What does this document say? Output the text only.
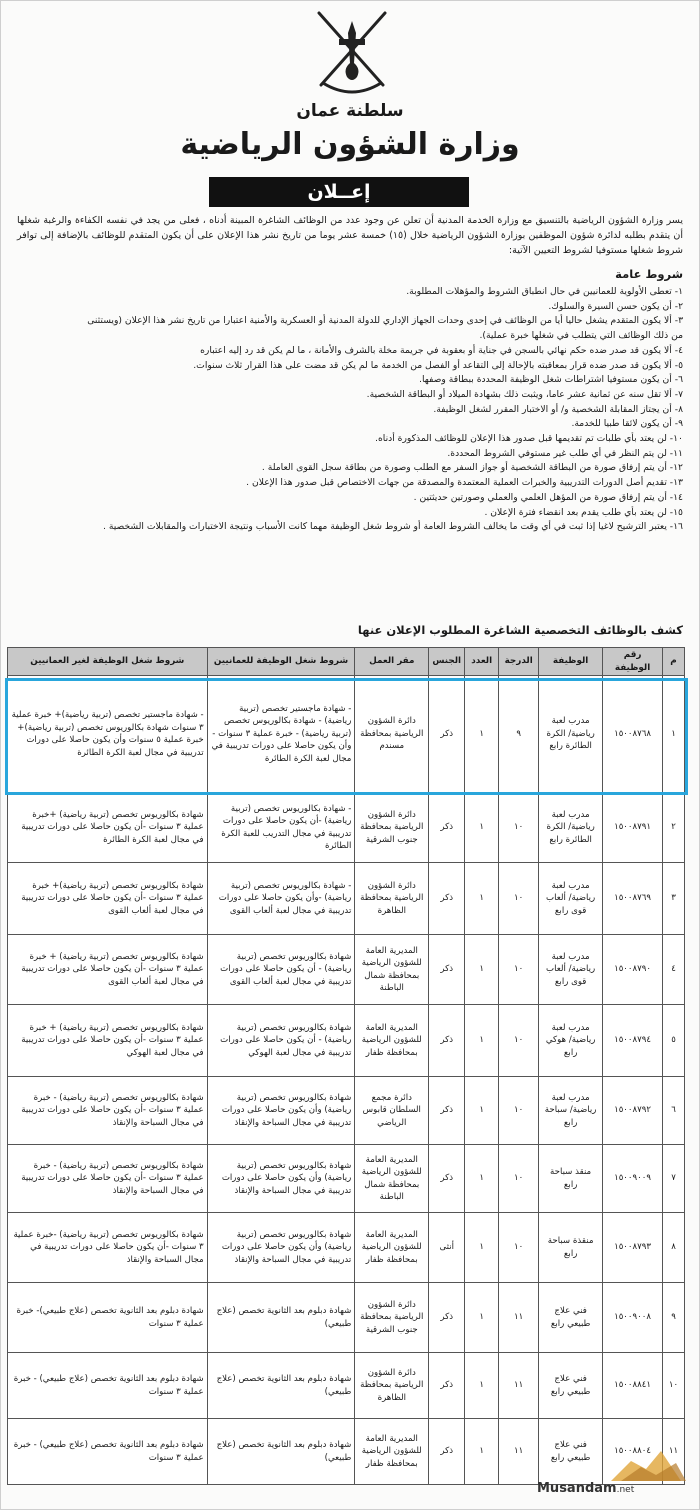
سلطنة عمان
وزارة الشؤون الرياضية
إعــلان

يسر وزارة الشؤون الرياضية بالتنسيق مع وزارة الخدمة المدنية أن تعلن عن وجود عدد من الوظائف الشاغرة المبينة أدناه ، فعلى من يجد في نفسه الكفاءة والرغبة شغلها أن يتقدم بطلبه لدائرة شؤون الموظفين بوزارة الشؤون الرياضية خلال (١٥) خمسة عشر يوما من تاريخ نشر هذا الإعلان على أن يكون المتقدم للوظائف بالإضافة إلى توافر شروط شغلها مستوفيا لشروط التعيين الآتية:

شروط عامة
١- تعطى الأولوية للعمانيين في حال انطباق الشروط والمؤهلات المطلوبة.
٢- أن يكون حسن السيرة والسلوك.
٣- ألا يكون المتقدم يشغل حاليا أيا من الوظائف في إحدى وحدات الجهاز الإداري للدولة المدنية أو العسكرية والأمنية اعتبارا من تاريخ نشر هذا الإعلان (ويستثنى
من ذلك الوظائف التي يتطلب في شغلها خبرة عملية).
٤- ألا يكون قد صدر ضده حكم نهائي بالسجن في جناية أو بعقوبة في جريمة مخلة بالشرف والأمانة ، ما لم يكن قد رد إليه اعتباره
٥- ألا يكون قد صدر ضده قرار بمعاقبته بالإحالة إلى التقاعد أو الفصل من الخدمة ما لم يكن قد مضت على هذا القرار ثلاث سنوات.
٦- أن يكون مستوفيا اشتراطات شغل الوظيفة المحددة ببطاقة وصفها.
٧- ألا تقل سنه عن ثمانية عشر عاما، ويثبت ذلك بشهادة الميلاد أو البطاقة الشخصية.
٨- أن يجتاز المقابلة الشخصية و/ أو الاختبار المقرر لشغل الوظيفة.
٩- أن يكون لائقا طبيا للخدمة.
١٠- لن يعتد بأي طلبات تم تقديمها قبل صدور هذا الإعلان للوظائف المذكورة أدناه.
١١- لن يتم النظر في أي طلب غير مستوفي الشروط المحددة.
١٢- أن يتم إرفاق صورة من البطاقة الشخصية أو جواز السفر مع الطلب وصورة من بطاقة سجل القوى العاملة .
١٣- تقديم أصل الدورات التدريبية والخبرات العملية المعتمدة والمصدقة من جهات الاختصاص قبل صدور هذا الإعلان .
١٤- أن يتم إرفاق صورة من المؤهل العلمي والعملي وصورتين حديثتين .
١٥- لن يعتد بأي طلب يقدم بعد انقضاء فترة الإعلان .
١٦- يعتبر الترشيح لاغيا إذا ثبت في أي وقت ما يخالف الشروط العامة أو شروط شغل الوظيفة مهما كانت الأسباب ونتيجة الاختبارات والمقابلات الشخصية .
كشف بالوظائف التخصصية الشاغرة المطلوب الإعلان عنها
م	رقم الوظيفة	الوظيفة	الدرجة	العدد	الجنس	مقر العمل	شروط شغل الوظيفة للعمانيين	شروط شغل الوظيفة لغير العمانيين
١	١٥٠٠٨٧٦٨	مدرب لعبة رياضية/ الكرة الطائرة رابع	٩	١	ذكر	دائرة الشؤون الرياضية بمحافظة مسندم	- شهادة ماجستير تخصص (تربية رياضية) - شهادة بكالوريوس تخصص (تربية رياضية) - خبرة عملية ٣ سنوات - وأن يكون حاصلا على دورات تدريبية في مجال لعبة الكرة الطائرة	- شهادة ماجستير تخصص (تربية رياضية)+ خبرة عملية ٣ سنوات شهادة بكالوريوس تخصص (تربية رياضية)+ خبرة عملية ٥ سنوات وأن يكون حاصلا على دورات تدريبية في مجال لعبة الكرة الطائرة
٢	١٥٠٠٨٧٩١	مدرب لعبة رياضية/ الكرة الطائرة رابع	١٠	١	ذكر	دائرة الشؤون الرياضية بمحافظة جنوب الشرقية	- شهادة بكالوريوس تخصص (تربية رياضية) -أن يكون حاصلا على دورات تدريبية في مجال التدريب للعبة الكرة الطائرة	شهادة بكالوريوس تخصص (تربية رياضية) +خبرة عملية ٣ سنوات -أن يكون حاصلا على دورات تدريبية في مجال لعبة الكرة الطائرة
٣	١٥٠٠٨٧٦٩	مدرب لعبة رياضية/ ألعاب قوى رابع	١٠	١	ذكر	دائرة الشؤون الرياضية بمحافظة الظاهرة	- شهادة بكالوريوس تخصص (تربية رياضية) -وأن يكون حاصلا على دورات تدريبية في مجال لعبة ألعاب القوى	شهادة بكالوريوس تخصص (تربية رياضية)+ خبرة عملية ٣ سنوات -أن يكون حاصلا على دورات تدريبية في مجال لعبة ألعاب القوى
٤	١٥٠٠٨٧٩٠	مدرب لعبة رياضية/ ألعاب قوى رابع	١٠	١	ذكر	المديرية العامة للشؤون الرياضية بمحافظة شمال الباطنة	شهادة بكالوريوس تخصص (تربية رياضية) - أن يكون حاصلا على دورات تدريبية في مجال لعبة ألعاب القوى	شهادة بكالوريوس تخصص (تربية رياضية) + خبرة عملية ٣ سنوات -أن يكون حاصلا على دورات تدريبية في مجال لعبة ألعاب القوى
٥	١٥٠٠٨٧٩٤	مدرب لعبة رياضية/ هوكي رابع	١٠	١	ذكر	المديرية العامة للشؤون الرياضية بمحافظة ظفار	شهادة بكالوريوس تخصص (تربية رياضية) - أن يكون حاصلا على دورات تدريبية في مجال لعبة الهوكي	شهادة بكالوريوس تخصص (تربية رياضية) + خبرة عملية ٣ سنوات -أن يكون حاصلا على دورات تدريبية في مجال لعبة الهوكي
٦	١٥٠٠٨٧٩٢	مدرب لعبة رياضية/ سباحة رابع	١٠	١	ذكر	دائرة مجمع السلطان قابوس الرياضي	شهادة بكالوريوس تخصص (تربية رياضية) وأن يكون حاصلا على دورات تدريبية في مجال السباحة والإنقاذ	شهادة بكالوريوس تخصص (تربية رياضية) - خبرة عملية ٣ سنوات -أن يكون حاصلا على دورات تدريبية في مجال السباحة والإنقاذ
٧	١٥٠٠٩٠٠٩	منقذ سباحة رابع	١٠	١	ذكر	المديرية العامة للشؤون الرياضية بمحافظة شمال الباطنة	شهادة بكالوريوس تخصص (تربية رياضية) وأن يكون حاصلا على دورات تدريبية في مجال السباحة والإنقاذ	شهادة بكالوريوس تخصص (تربية رياضية) - خبرة عملية ٣ سنوات -أن يكون حاصلا على دورات تدريبية في مجال السباحة والإنقاذ
٨	١٥٠٠٨٧٩٣	منقذة سباحة رابع	١٠	١	أنثى	المديرية العامة للشؤون الرياضية بمحافظة ظفار	شهادة بكالوريوس تخصص (تربية رياضية) وأن يكون حاصلا على دورات تدريبية في مجال السباحة والإنقاذ	شهادة بكالوريوس تخصص (تربية رياضية) -خبرة عملية ٣ سنوات -أن يكون حاصلا على دورات تدريبية في مجال السباحة والإنقاذ
٩	١٥٠٠٩٠٠٨	فني علاج طبيعي رابع	١١	١	ذكر	دائرة الشؤون الرياضية بمحافظة جنوب الشرقية	شهادة دبلوم بعد الثانوية تخصص (علاج طبيعي)	شهادة دبلوم بعد الثانوية تخصص (علاج طبيعي)- خبرة عملية ٣ سنوات
١٠	١٥٠٠٨٨٤١	فني علاج طبيعي رابع	١١	١	ذكر	دائرة الشؤون الرياضية بمحافظة الظاهرة	شهادة دبلوم بعد الثانوية تخصص (علاج طبيعي)	شهادة دبلوم بعد الثانوية تخصص (علاج طبيعي) - خبرة عملية ٣ سنوات
١١	١٥٠٠٨٨٠٤	فني علاج طبيعي رابع	١١	١	ذكر	المديرية العامة للشؤون الرياضية بمحافظة ظفار	شهادة دبلوم بعد الثانوية تخصص (علاج طبيعي)	شهادة دبلوم بعد الثانوية تخصص (علاج طبيعي) - خبرة عملية ٣ سنوات
Musandam.net
